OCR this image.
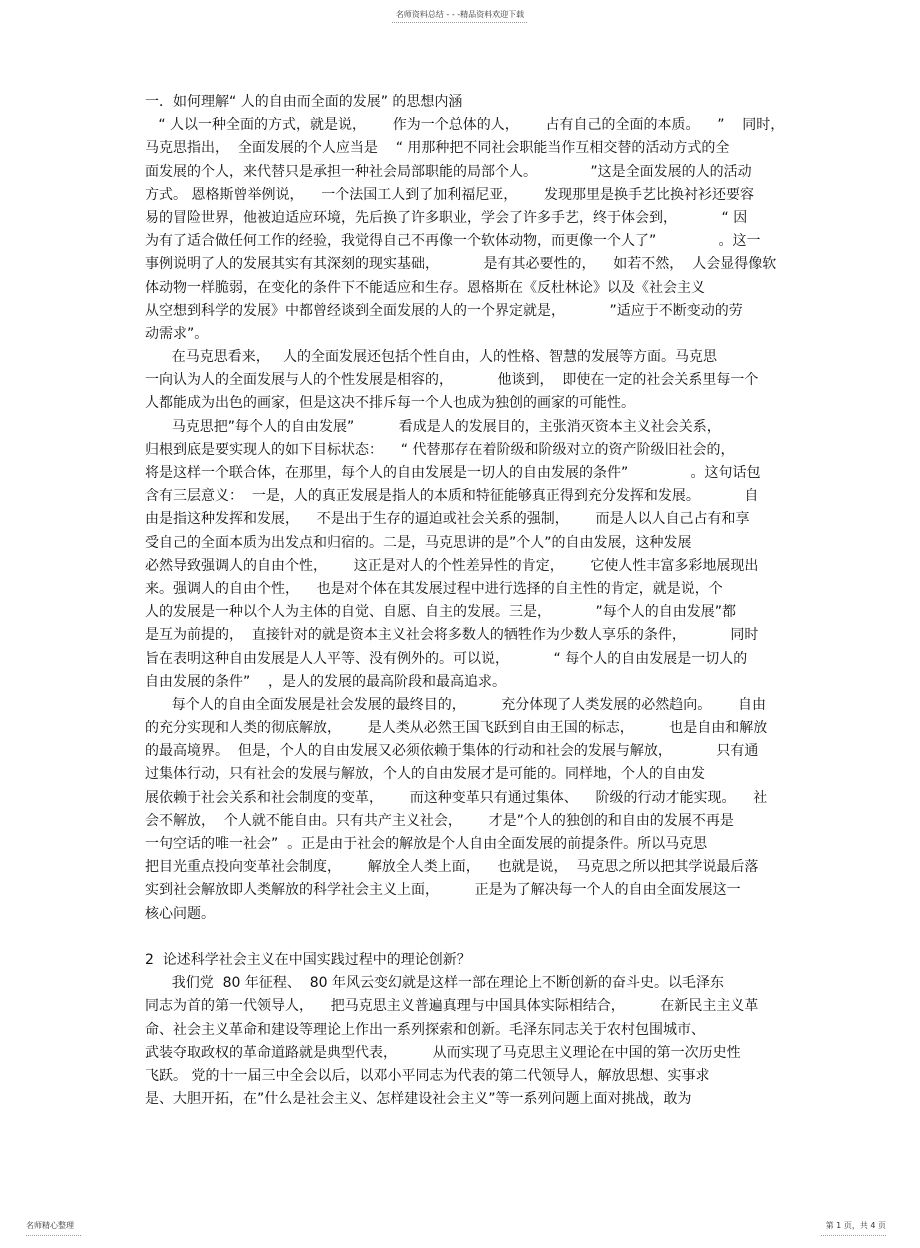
名师资料总结 - - -精品资料欢迎下载
一．如何理解“ 人的自由而全面的发展” 的思想内涵
“ 人以一种全面的方式，就是说，      作为一个总体的人，      占有自己的全面的本质。    ”    同时，
马克思指出，  全面发展的个人应当是    “ 用那种把不同社会职能当作互相交替的活动方式的全
面发展的个人，来代替只是承担一种社会局部职能的局部个人。            ”这是全面发展的人的活动
方式。 恩格斯曾举例说，    一个法国工人到了加利福尼亚，      发现那里是换手艺比换衬衫还要容
易的冒险世界，他被迫适应环境，先后换了许多职业，学会了许多手艺，终于体会到，          “ 因
为有了适合做任何工作的经验，我觉得自己不再像一个软体动物，而更像一个人了”              。这一
事例说明了人的发展其实有其深刻的现实基础，          是有其必要性的，    如若不然，  人会显得像软
体动物一样脆弱，在变化的条件下不能适应和生存。恩格斯在《反杜林论》以及《社会主义
从空想到科学的发展》中都曾经谈到全面发展的人的一个界定就是，          ”适应于不断变动的劳
动需求”。
在马克思看来，   人的全面发展还包括个性自由，人的性格、智慧的发展等方面。马克思
一向认为人的全面发展与人的个性发展是相容的，          他谈到，  即使在一定的社会关系里每一个
人都能成为出色的画家，但是这决不排斥每一个人也成为独创的画家的可能性。
马克思把”每个人的自由发展”          看成是人的发展目的，主张消灭资本主义社会关系，
归根到底是要实现人的如下目标状态：    “ 代替那存在着阶级和阶级对立的资产阶级旧社会的，
将是这样一个联合体，在那里，每个人的自由发展是一切人的自由发展的条件”              。这句话包
含有三层意义：  一是，人的真正发展是指人的本质和特征能够真正得到充分发挥和发展。          自
由是指这种发挥和发展，    不是出于生存的逼迫或社会关系的强制，      而是人以人自己占有和享
受自己的全面本质为出发点和归宿的。二是，马克思讲的是”个人”的自由发展，这种发展
必然导致强调人的自由个性，      这正是对人的个性差异性的肯定，      它使人性丰富多彩地展现出
来。强调人的自由个性，    也是对个体在其发展过程中进行选择的自主性的肯定，就是说，个
人的发展是一种以个人为主体的自觉、自愿、自主的发展。三是，          ”每个人的自由发展”都
是互为前提的，  直接针对的就是资本主义社会将多数人的牺牲作为少数人享乐的条件，          同时
旨在表明这种自由发展是人人平等、没有例外的。可以说，          “ 每个人的自由发展是一切人的
自由发展的条件”    ，是人的发展的最高阶段和最高追求。
每个人的自由全面发展是社会发展的最终目的，        充分体现了人类发展的必然趋向。      自由
的充分实现和人类的彻底解放，      是人类从必然王国飞跃到自由王国的标志，        也是自由和解放
的最高境界。  但是，个人的自由发展又必须依赖于集体的行动和社会的发展与解放，          只有通
过集体行动，只有社会的发展与解放，个人的自由发展才是可能的。同样地，个人的自由发
展依赖于社会关系和社会制度的变革，      而这种变革只有通过集体、    阶级的行动才能实现。    社
会不解放，  个人就不能自由。只有共产主义社会，      才是”个人的独创的和自由的发展不再是
一句空话的唯一社会”  。正是由于社会的解放是个人自由全面发展的前提条件。所以马克思
把目光重点投向变革社会制度，      解放全人类上面，    也就是说，  马克思之所以把其学说最后落
实到社会解放即人类解放的科学社会主义上面，        正是为了解决每一个人的自由全面发展这一
核心问题。
2  论述科学社会主义在中国实践过程中的理论创新？
我们党  80 年征程、  80 年风云变幻就是这样一部在理论上不断创新的奋斗史。以毛泽东
同志为首的第一代领导人，    把马克思主义普遍真理与中国具体实际相结合，        在新民主主义革
命、社会主义革命和建设等理论上作出一系列探索和创新。毛泽东同志关于农村包围城市、
武装夺取政权的革命道路就是典型代表，        从而实现了马克思主义理论在中国的第一次历史性
飞跃。 党的十一届三中全会以后，以邓小平同志为代表的第二代领导人，解放思想、实事求
是、大胆开拓，在”什么是社会主义、怎样建设社会主义”等一系列问题上面对挑战，敢为
名师精心整理	第 1 页，共 4 页
